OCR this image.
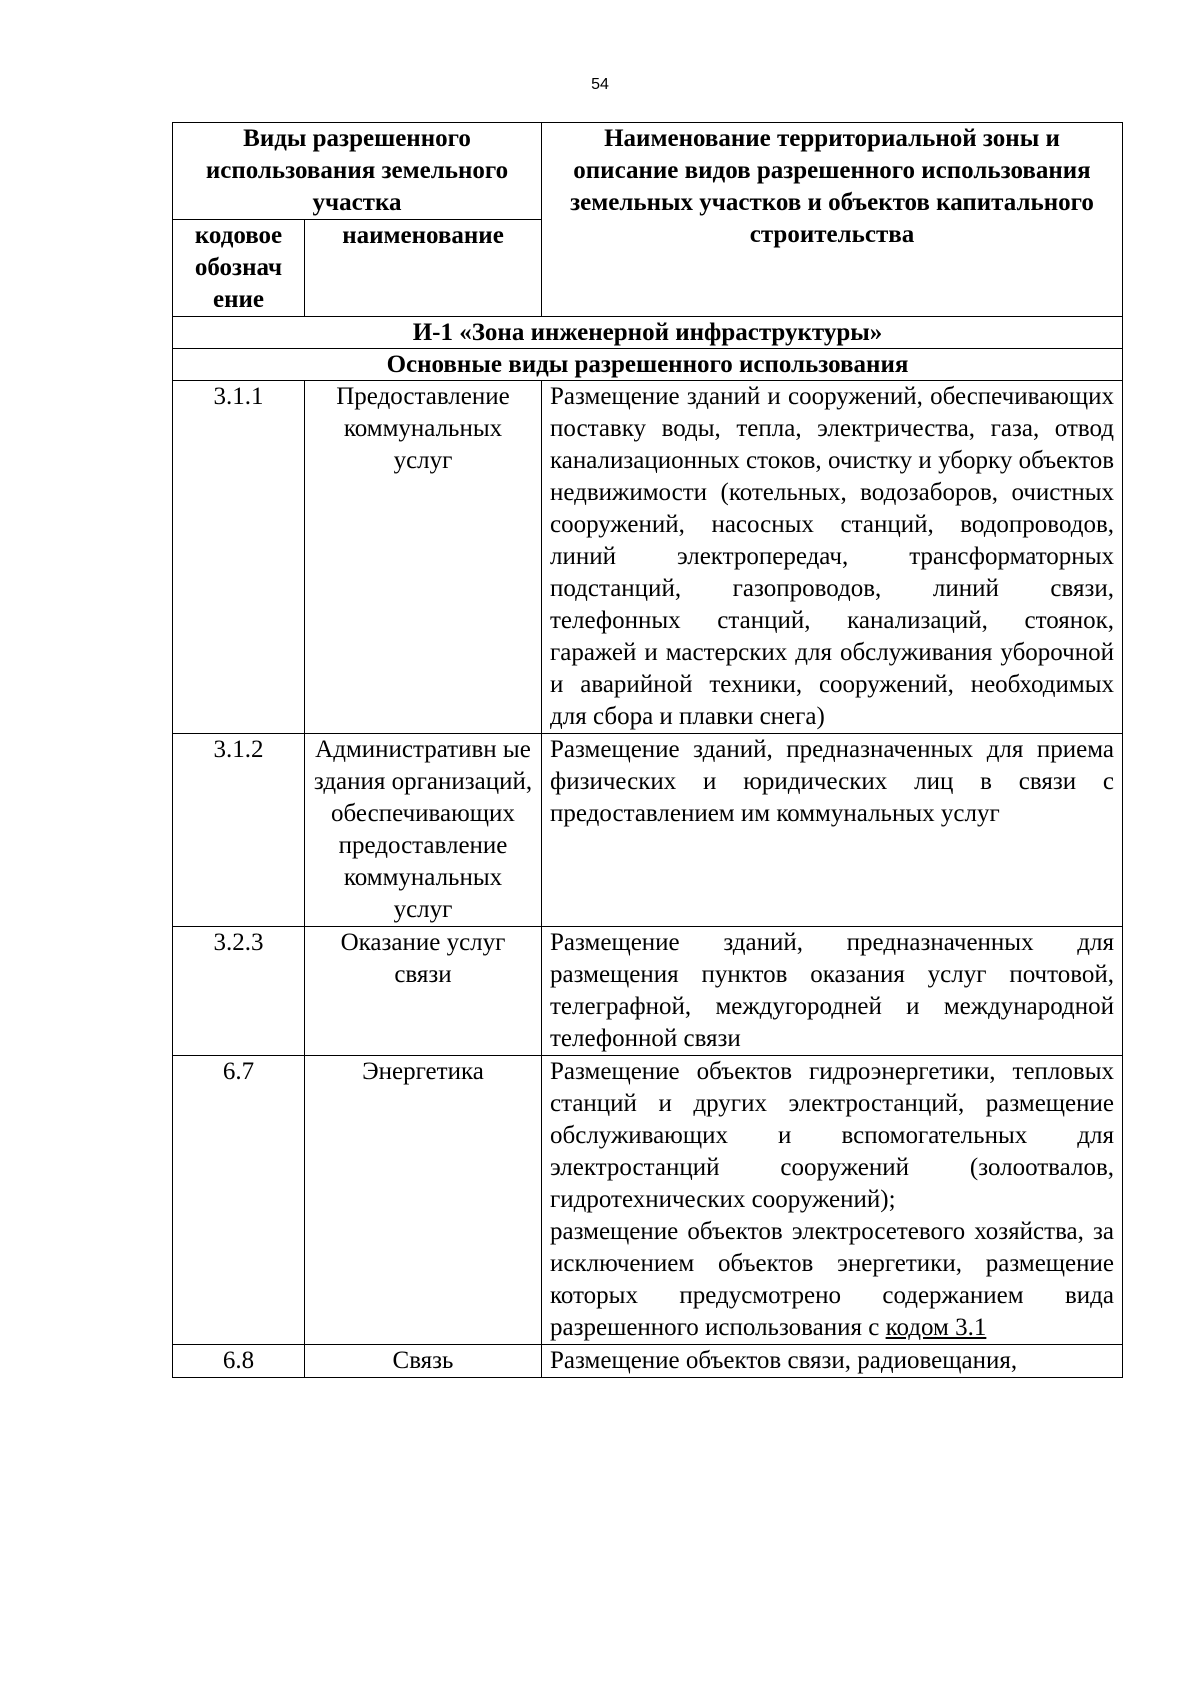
54
Виды разрешенного использования земельного участка		Наименование территориальной зоны и описание видов разрешенного использования земельных участков и объектов капитального строительства
кодовое обознач ение	наименование	
И-1 «Зона инженерной инфраструктуры»		
Основные виды разрешенного использования		
3.1.1	Предоставление коммунальных услуг	Размещение зданий и сооружений, обеспечивающих поставку воды, тепла, электричества, газа, отвод канализационных стоков, очистку и уборку объектов недвижимости (котельных, водозаборов, очистных сооружений, насосных станций, водопроводов, линий электропередач, трансформаторных подстанций, газопроводов, линий связи, телефонных станций, канализаций, стоянок, гаражей и мастерских для обслуживания уборочной и аварийной техники, сооружений, необходимых для сбора и плавки снега)
3.1.2	Административн ые здания организаций, обеспечивающих предоставление коммунальных услуг	Размещение зданий, предназначенных для приема физических и юридических лиц в связи с предоставлением им коммунальных услуг
3.2.3	Оказание услуг связи	Размещение зданий, предназначенных для размещения пунктов оказания услуг почтовой, телеграфной, междугородней и международной телефонной связи
6.7	Энергетика	Размещение объектов гидроэнергетики, тепловых станций и других электростанций, размещение обслуживающих и вспомогательных для электростанций сооружений (золоотвалов, гидротехнических сооружений);
размещение объектов электросетевого хозяйства, за исключением объектов энергетики, размещение которых предусмотрено содержанием вида разрешенного использования с кодом 3.1

6.8	Связь	Размещение объектов связи, радиовещания,
